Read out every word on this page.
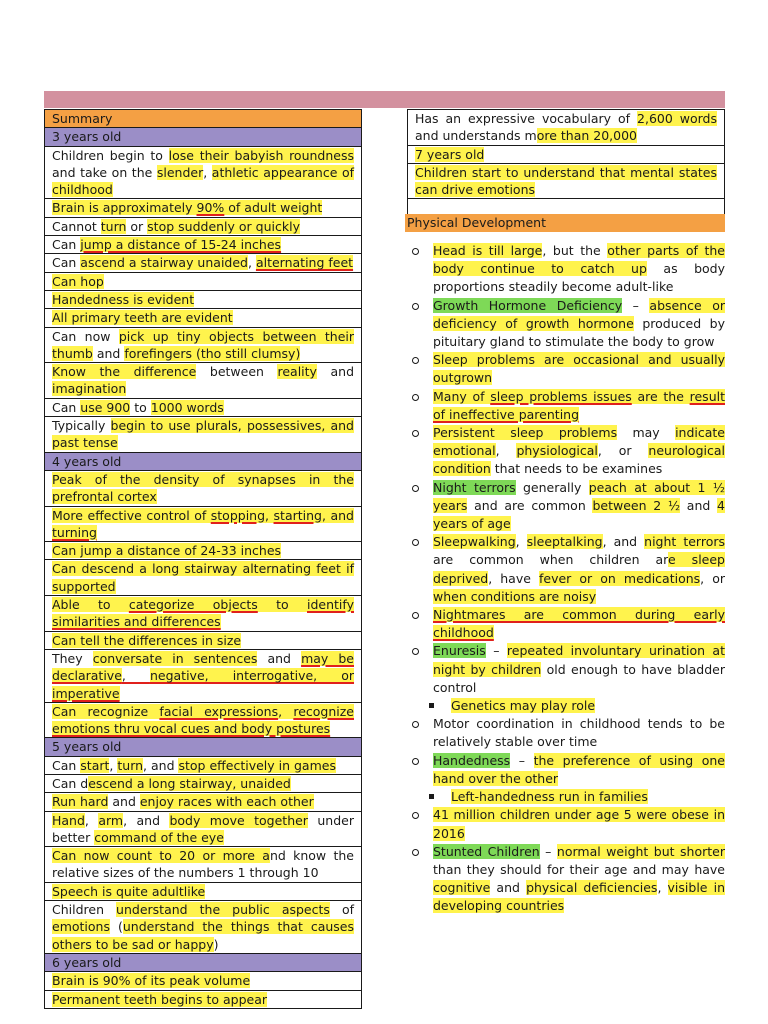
Summary
3 years old
Children begin to lose their babyish roundness and take on the slender, athletic appearance of childhood
Brain is approximately 90% of adult weight
Cannot turn or stop suddenly or quickly
Can jump a distance of 15-24 inches
Can ascend a stairway unaided, alternating feet
Can hop
Handedness is evident
All primary teeth are evident
Can now pick up tiny objects between their thumb and forefingers (tho still clumsy)
Know the difference between reality and imagination
Can use 900 to 1000 words
Typically begin to use plurals, possessives, and past tense
4 years old
Peak of the density of synapses in the prefrontal cortex
More effective control of stopping, starting, and turning
Can jump a distance of 24-33 inches
Can descend a long stairway alternating feet if supported
Able to categorize objects to identify similarities and differences
Can tell the differences in size
They conversate in sentences and may be declarative, negative, interrogative, or imperative
Can recognize facial expressions, recognize emotions thru vocal cues and body postures
5 years old
Can start, turn, and stop effectively in games
Can descend a long stairway, unaided
Run hard and enjoy races with each other
Hand, arm, and body move together under better command of the eye
Can now count to 20 or more and know the relative sizes of the numbers 1 through 10
Speech is quite adultlike
Children understand the public aspects of emotions (understand the things that causes others to be sad or happy)
6 years old
Brain is 90% of its peak volume
Permanent teeth begins to appear
Has an expressive vocabulary of 2,600 words and understands more than 20,000
7 years old
Children start to understand that mental states can drive emotions

Physical Development
Head is till large, but the other parts of the body continue to catch up as body proportions steadily become adult-like
Growth Hormone Deficiency – absence or deficiency of growth hormone produced by pituitary gland to stimulate the body to grow
Sleep problems are occasional and usually outgrown
Many of sleep problems issues are the result of ineffective parenting
Persistent sleep problems may indicate emotional, physiological, or neurological condition that needs to be examines
Night terrors generally peach at about 1 ½ years and are common between 2 ½ and 4 years of age
Sleepwalking, sleeptalking, and night terrors are common when children are sleep deprived, have fever or on medications, or when conditions are noisy
Nightmares are common during early childhood
Enuresis – repeated involuntary urination at night by children old enough to have bladder control
Genetics may play role
Motor coordination in childhood tends to be relatively stable over time
Handedness – the preference of using one hand over the other
Left-handedness run in families
41 million children under age 5 were obese in 2016
Stunted Children – normal weight but shorter than they should for their age and may have cognitive and physical deficiencies, visible in developing countries
